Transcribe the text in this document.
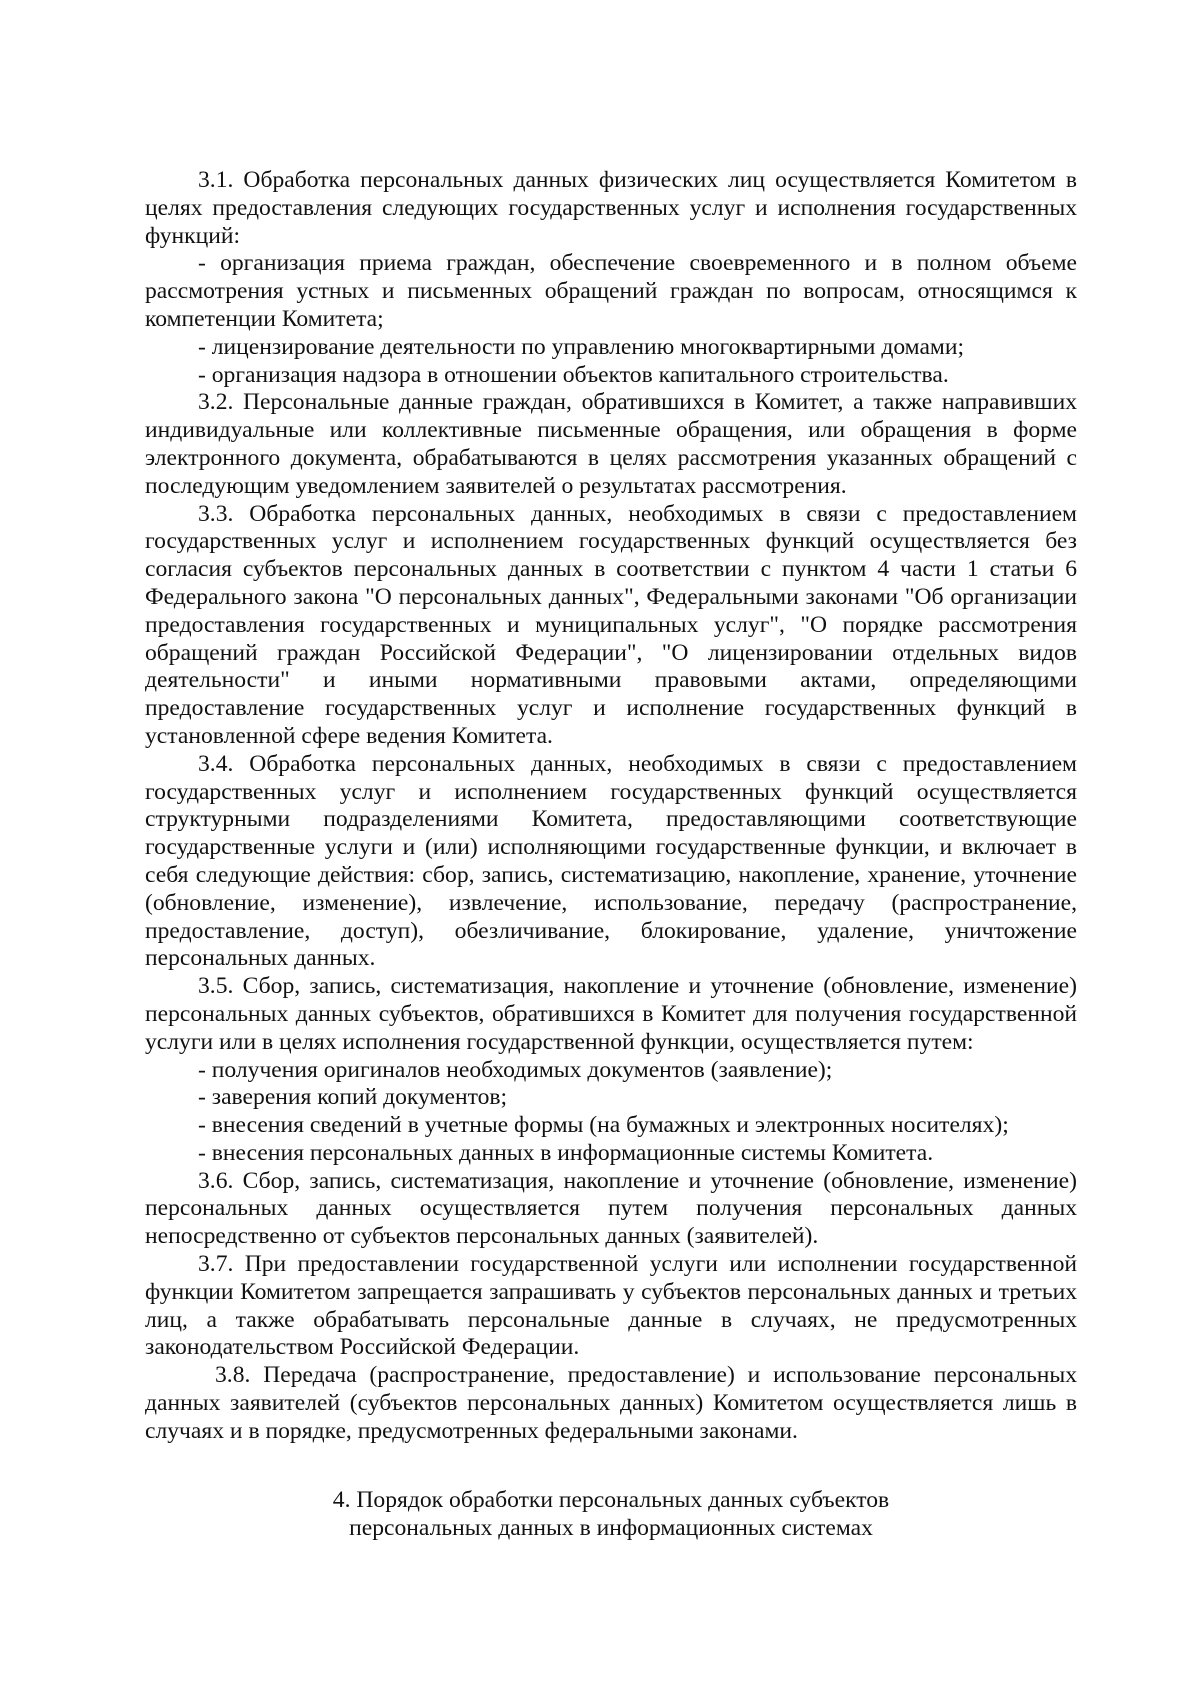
3.1. Обработка персональных данных физических лиц осуществляется Комитетом в целях предоставления следующих государственных услуг и исполнения государственных функций:

- организация приема граждан, обеспечение своевременного и в полном объеме рассмотрения устных и письменных обращений граждан по вопросам, относящимся к компетенции Комитета;

- лицензирование деятельности по управлению многоквартирными домами;

- организация надзора в отношении объектов капитального строительства.

3.2. Персональные данные граждан, обратившихся в Комитет, а также направивших индивидуальные или коллективные письменные обращения, или обращения в форме электронного документа, обрабатываются в целях рассмотрения указанных обращений с последующим уведомлением заявителей о результатах рассмотрения.

3.3. Обработка персональных данных, необходимых в связи с предоставлением государственных услуг и исполнением государственных функций осуществляется без согласия субъектов персональных данных в соответствии с пунктом 4 части 1 статьи 6 Федерального закона "О персональных данных", Федеральными законами "Об организации предоставления государственных и муниципальных услуг", "О порядке рассмотрения обращений граждан Российской Федерации", "О лицензировании отдельных видов деятельности" и иными нормативными правовыми актами, определяющими предоставление государственных услуг и исполнение государственных функций в установленной сфере ведения Комитета.

3.4. Обработка персональных данных, необходимых в связи с предоставлением государственных услуг и исполнением государственных функций осуществляется структурными подразделениями Комитета, предоставляющими соответствующие государственные услуги и (или) исполняющими государственные функции, и включает в себя следующие действия: сбор, запись, систематизацию, накопление, хранение, уточнение (обновление, изменение), извлечение, использование, передачу (распространение, предоставление, доступ), обезличивание, блокирование, удаление, уничтожение персональных данных.

3.5. Сбор, запись, систематизация, накопление и уточнение (обновление, изменение) персональных данных субъектов, обратившихся в Комитет для получения государственной услуги или в целях исполнения государственной функции, осуществляется путем:

- получения оригиналов необходимых документов (заявление);

- заверения копий документов;

- внесения сведений в учетные формы (на бумажных и электронных носителях);

- внесения персональных данных в информационные системы Комитета.

3.6. Сбор, запись, систематизация, накопление и уточнение (обновление, изменение) персональных данных осуществляется путем получения персональных данных непосредственно от субъектов персональных данных (заявителей).

3.7. При предоставлении государственной услуги или исполнении государственной функции Комитетом запрещается запрашивать у субъектов персональных данных и третьих лиц, а также обрабатывать персональные данные в случаях, не предусмотренных законодательством Российской Федерации.

3.8. Передача (распространение, предоставление) и использование персональных данных заявителей (субъектов персональных данных) Комитетом осуществляется лишь в случаях и в порядке, предусмотренных федеральными законами.

4. Порядок обработки персональных данных субъектов
персональных данных в информационных системах
